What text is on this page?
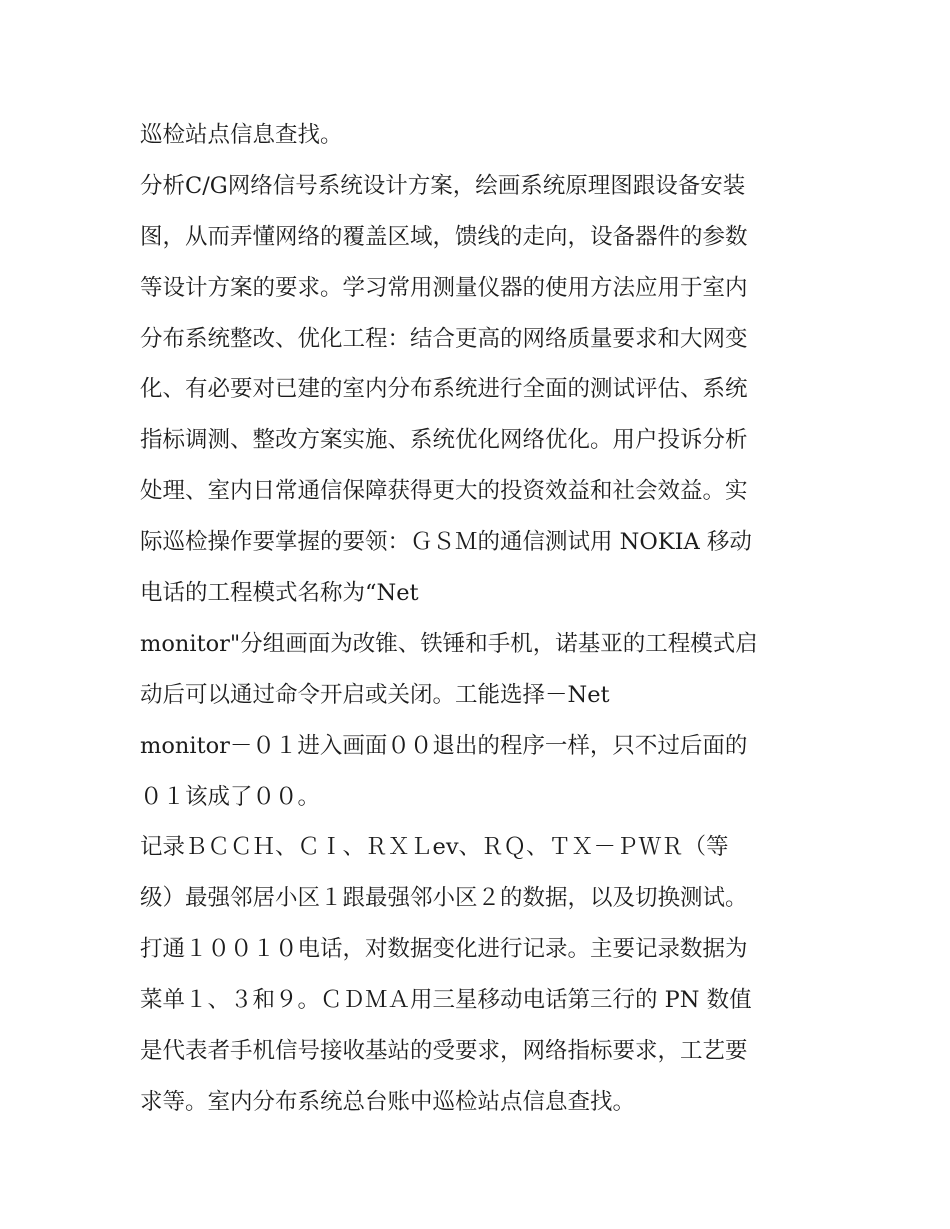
巡检站点信息查找。
分析C/G网络信号系统设计方案，绘画系统原理图跟设备安装
图，从而弄懂网络的覆盖区域，馈线的走向，设备器件的参数
等设计方案的要求。学习常用测量仪器的使用方法应用于室内
分布系统整改、优化工程：结合更高的网络质量要求和大网变
化、有必要对已建的室内分布系统进行全面的测试评估、系统
指标调测、整改方案实施、系统优化网络优化。用户投诉分析
处理、室内日常通信保障获得更大的投资效益和社会效益。实
际巡检操作要掌握的要领：ＧＳＭ的通信测试用 NOKIA 移动
电话的工程模式名称为“Net
monitor"分组画面为改锥、铁锤和手机，诺基亚的工程模式启
动后可以通过命令开启或关闭。工能选择－Net
monitor－０１进入画面００退出的程序一样，只不过后面的
０１该成了００。
记录ＢＣＣＨ、ＣＩ、ＲＸＬev、ＲＱ、ＴＸ－ＰＷＲ（等
级）最强邻居小区１跟最强邻小区２的数据，以及切换测试。
打通１００１０电话，对数据变化进行记录。主要记录数据为
菜单１、３和９。ＣＤＭＡ用三星移动电话第三行的 PN 数值
是代表者手机信号接收基站的受要求，网络指标要求，工艺要
求等。室内分布系统总台账中巡检站点信息查找。
